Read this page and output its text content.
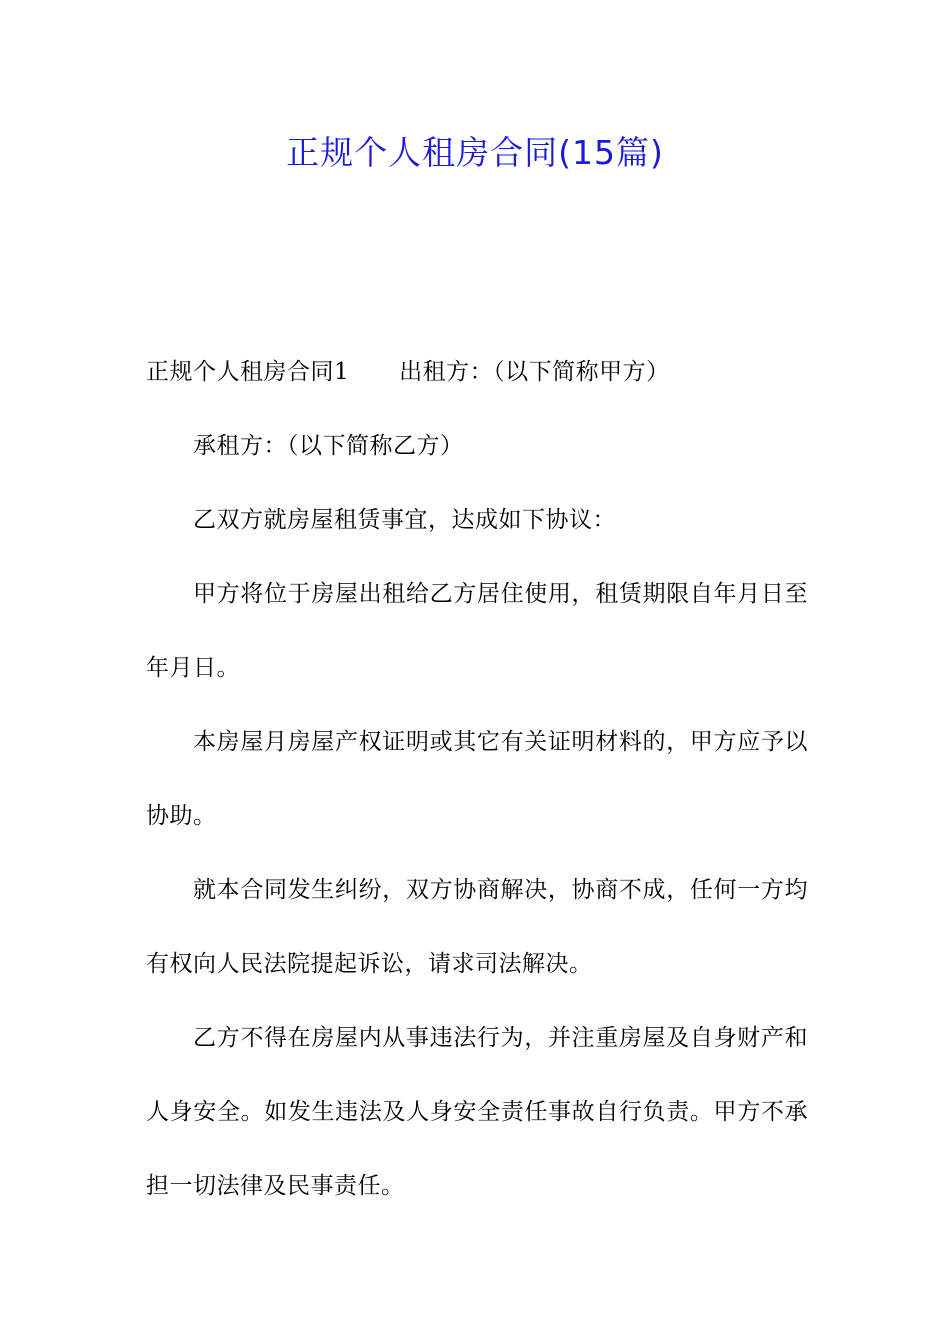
正规个人租房合同(15篇)

正规个人租房合同1 出租方：（以下简称甲方）

承租方：（以下简称乙方）

乙双方就房屋租赁事宜，达成如下协议：

甲方将位于房屋出租给乙方居住使用，租赁期限自年月日至年月日。

本房屋月房屋产权证明或其它有关证明材料的，甲方应予以协助。

就本合同发生纠纷，双方协商解决，协商不成，任何一方均有权向人民法院提起诉讼，请求司法解决。

乙方不得在房屋内从事违法行为，并注重房屋及自身财产和人身安全。如发生违法及人身安全责任事故自行负责。甲方不承担一切法律及民事责任。
